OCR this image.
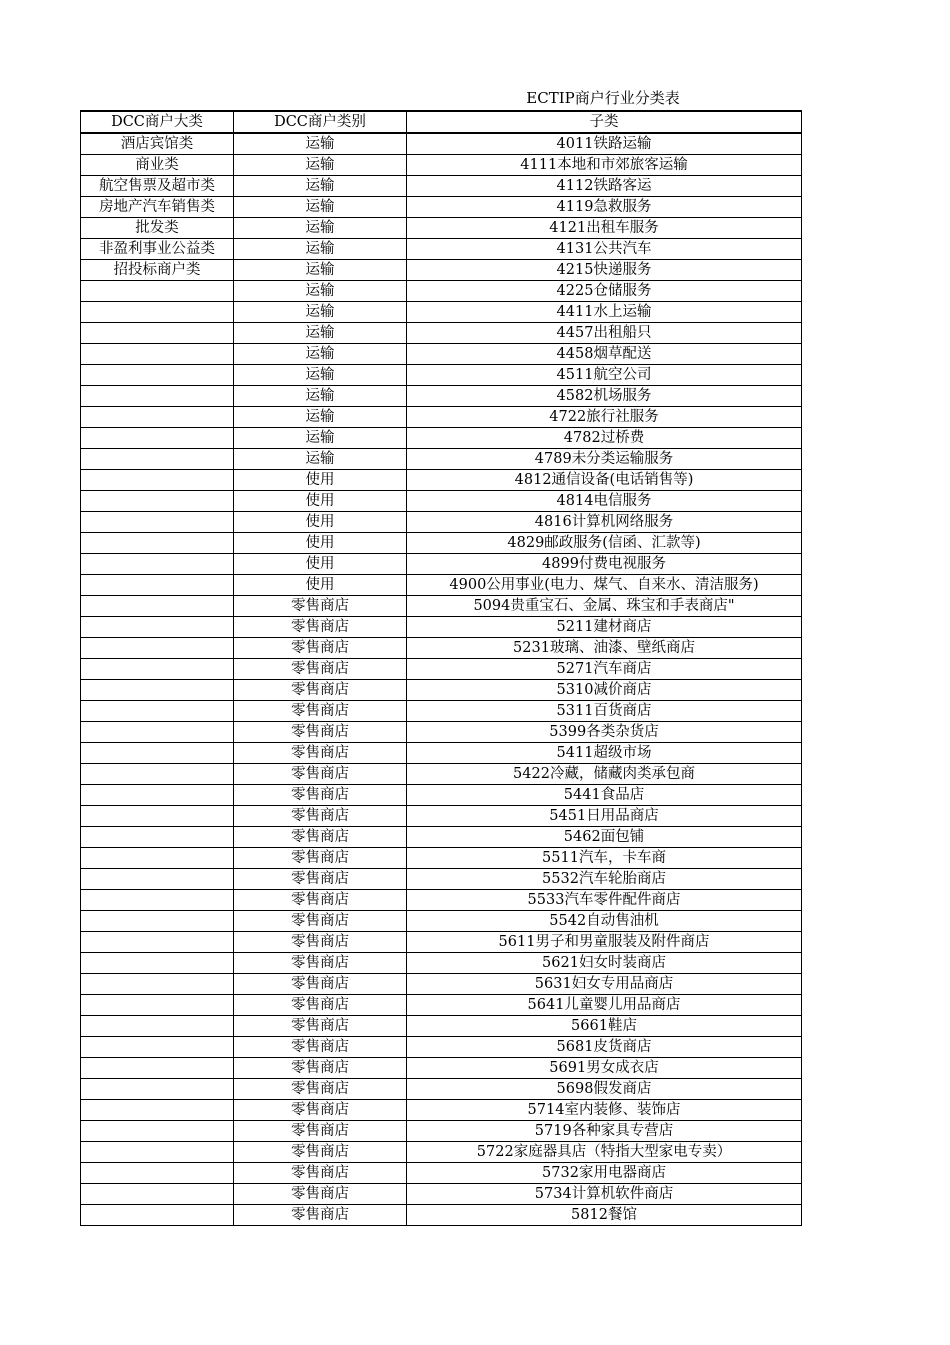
ECTIP商户行业分类表
DCC商户大类	DCC商户类别	子类
酒店宾馆类	运输	4011铁路运输
商业类	运输	4111本地和市郊旅客运输
航空售票及超市类	运输	4112铁路客运
房地产汽车销售类	运输	4119急救服务
批发类	运输	4121出租车服务
非盈利事业公益类	运输	4131公共汽车
招投标商户类	运输	4215快递服务
	运输	4225仓储服务
	运输	4411水上运输
	运输	4457出租船只
	运输	4458烟草配送
	运输	4511航空公司
	运输	4582机场服务
	运输	4722旅行社服务
	运输	4782过桥费
	运输	4789未分类运输服务
	使用	4812通信设备(电话销售等)
	使用	4814电信服务
	使用	4816计算机网络服务
	使用	4829邮政服务(信函、汇款等)
	使用	4899付费电视服务
	使用	4900公用事业(电力、煤气、自来水、清洁服务)
	零售商店	5094贵重宝石、金属、珠宝和手表商店"
	零售商店	5211建材商店
	零售商店	5231玻璃、油漆、壁纸商店
	零售商店	5271汽车商店
	零售商店	5310减价商店
	零售商店	5311百货商店
	零售商店	5399各类杂货店
	零售商店	5411超级市场
	零售商店	5422冷藏，储藏肉类承包商
	零售商店	5441食品店
	零售商店	5451日用品商店
	零售商店	5462面包铺
	零售商店	5511汽车，卡车商
	零售商店	5532汽车轮胎商店
	零售商店	5533汽车零件配件商店
	零售商店	5542自动售油机
	零售商店	5611男子和男童服装及附件商店
	零售商店	5621妇女时装商店
	零售商店	5631妇女专用品商店
	零售商店	5641儿童婴儿用品商店
	零售商店	5661鞋店
	零售商店	5681皮货商店
	零售商店	5691男女成衣店
	零售商店	5698假发商店
	零售商店	5714室内装修、装饰店
	零售商店	5719各种家具专营店
	零售商店	5722家庭器具店（特指大型家电专卖）
	零售商店	5732家用电器商店
	零售商店	5734计算机软件商店
	零售商店	5812餐馆
